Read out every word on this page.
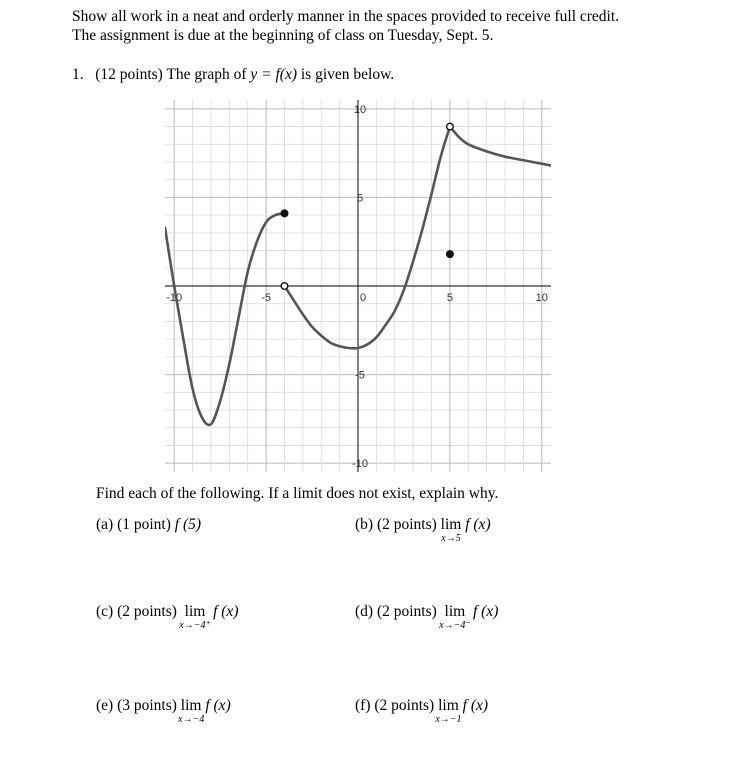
Show all work in a neat and orderly manner in the spaces provided to receive full credit.
The assignment is due at the beginning of class on Tuesday, Sept. 5.
1. (12 points) The graph of y = f(x) is given below.
-10	-5	0	5	10
10
5
-5
-10
Find each of the following. If a limit does not exist, explain why.
(a) (1 point) f (5)	(b) (2 points) lim
x→5
f (x)
(c) (2 points) lim
x→−4⁺
f (x)	(d) (2 points) lim
x→−4⁻
f (x)
(e) (3 points) lim
x→−4
f (x)	(f) (2 points) lim
x→−1
f (x)
